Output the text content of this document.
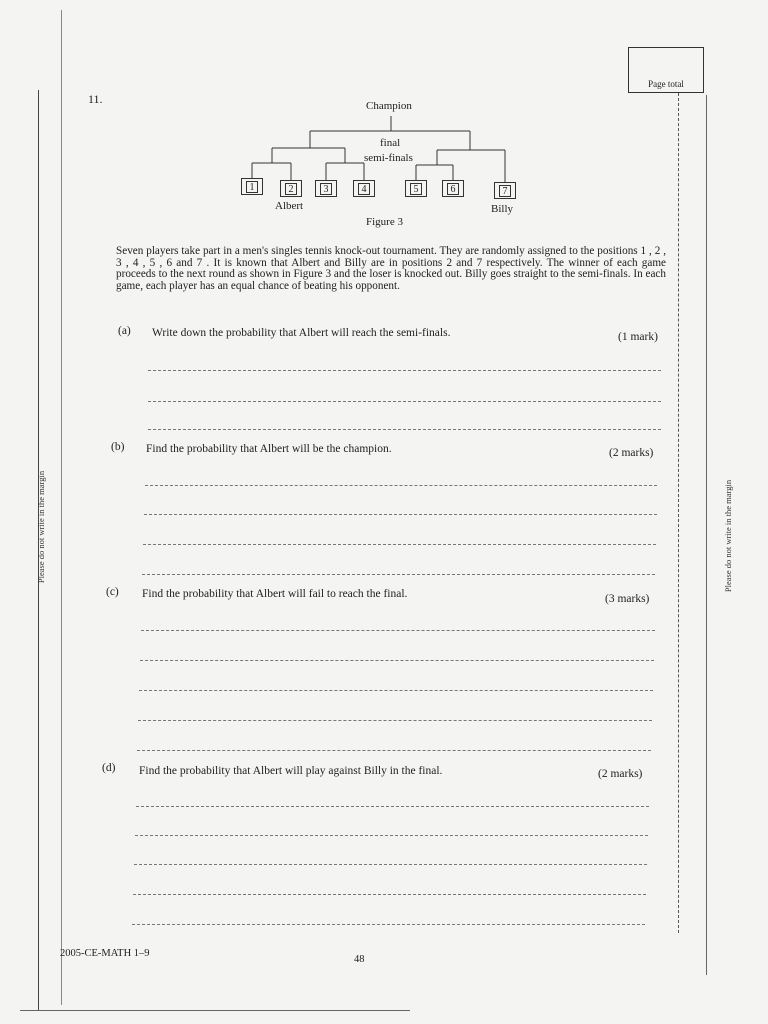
Please do not write in the margin	Please do not write in the margin
Page total
11.	Champion
final
semi-finals
1	2	3	4	5	6	7
Albert	Billy
Figure 3
Seven players take part in a men's singles tennis knock-out tournament. They are randomly assigned to the positions 1 , 2 , 3 , 4 , 5 , 6 and 7 . It is known that Albert and Billy are in positions 2 and 7 respectively. The winner of each game proceeds to the next round as shown in Figure 3 and the loser is knocked out. Billy goes straight to the semi-finals. In each game, each player has an equal chance of beating his opponent.
(a) Write down the probability that Albert will reach the semi-finals.	(1 mark)
(b) Find the probability that Albert will be the champion.	(2 marks)
(c) Find the probability that Albert will fail to reach the final.	(3 marks)
(d) Find the probability that Albert will play against Billy in the final.	(2 marks)
2005-CE-MATH 1–9
48
